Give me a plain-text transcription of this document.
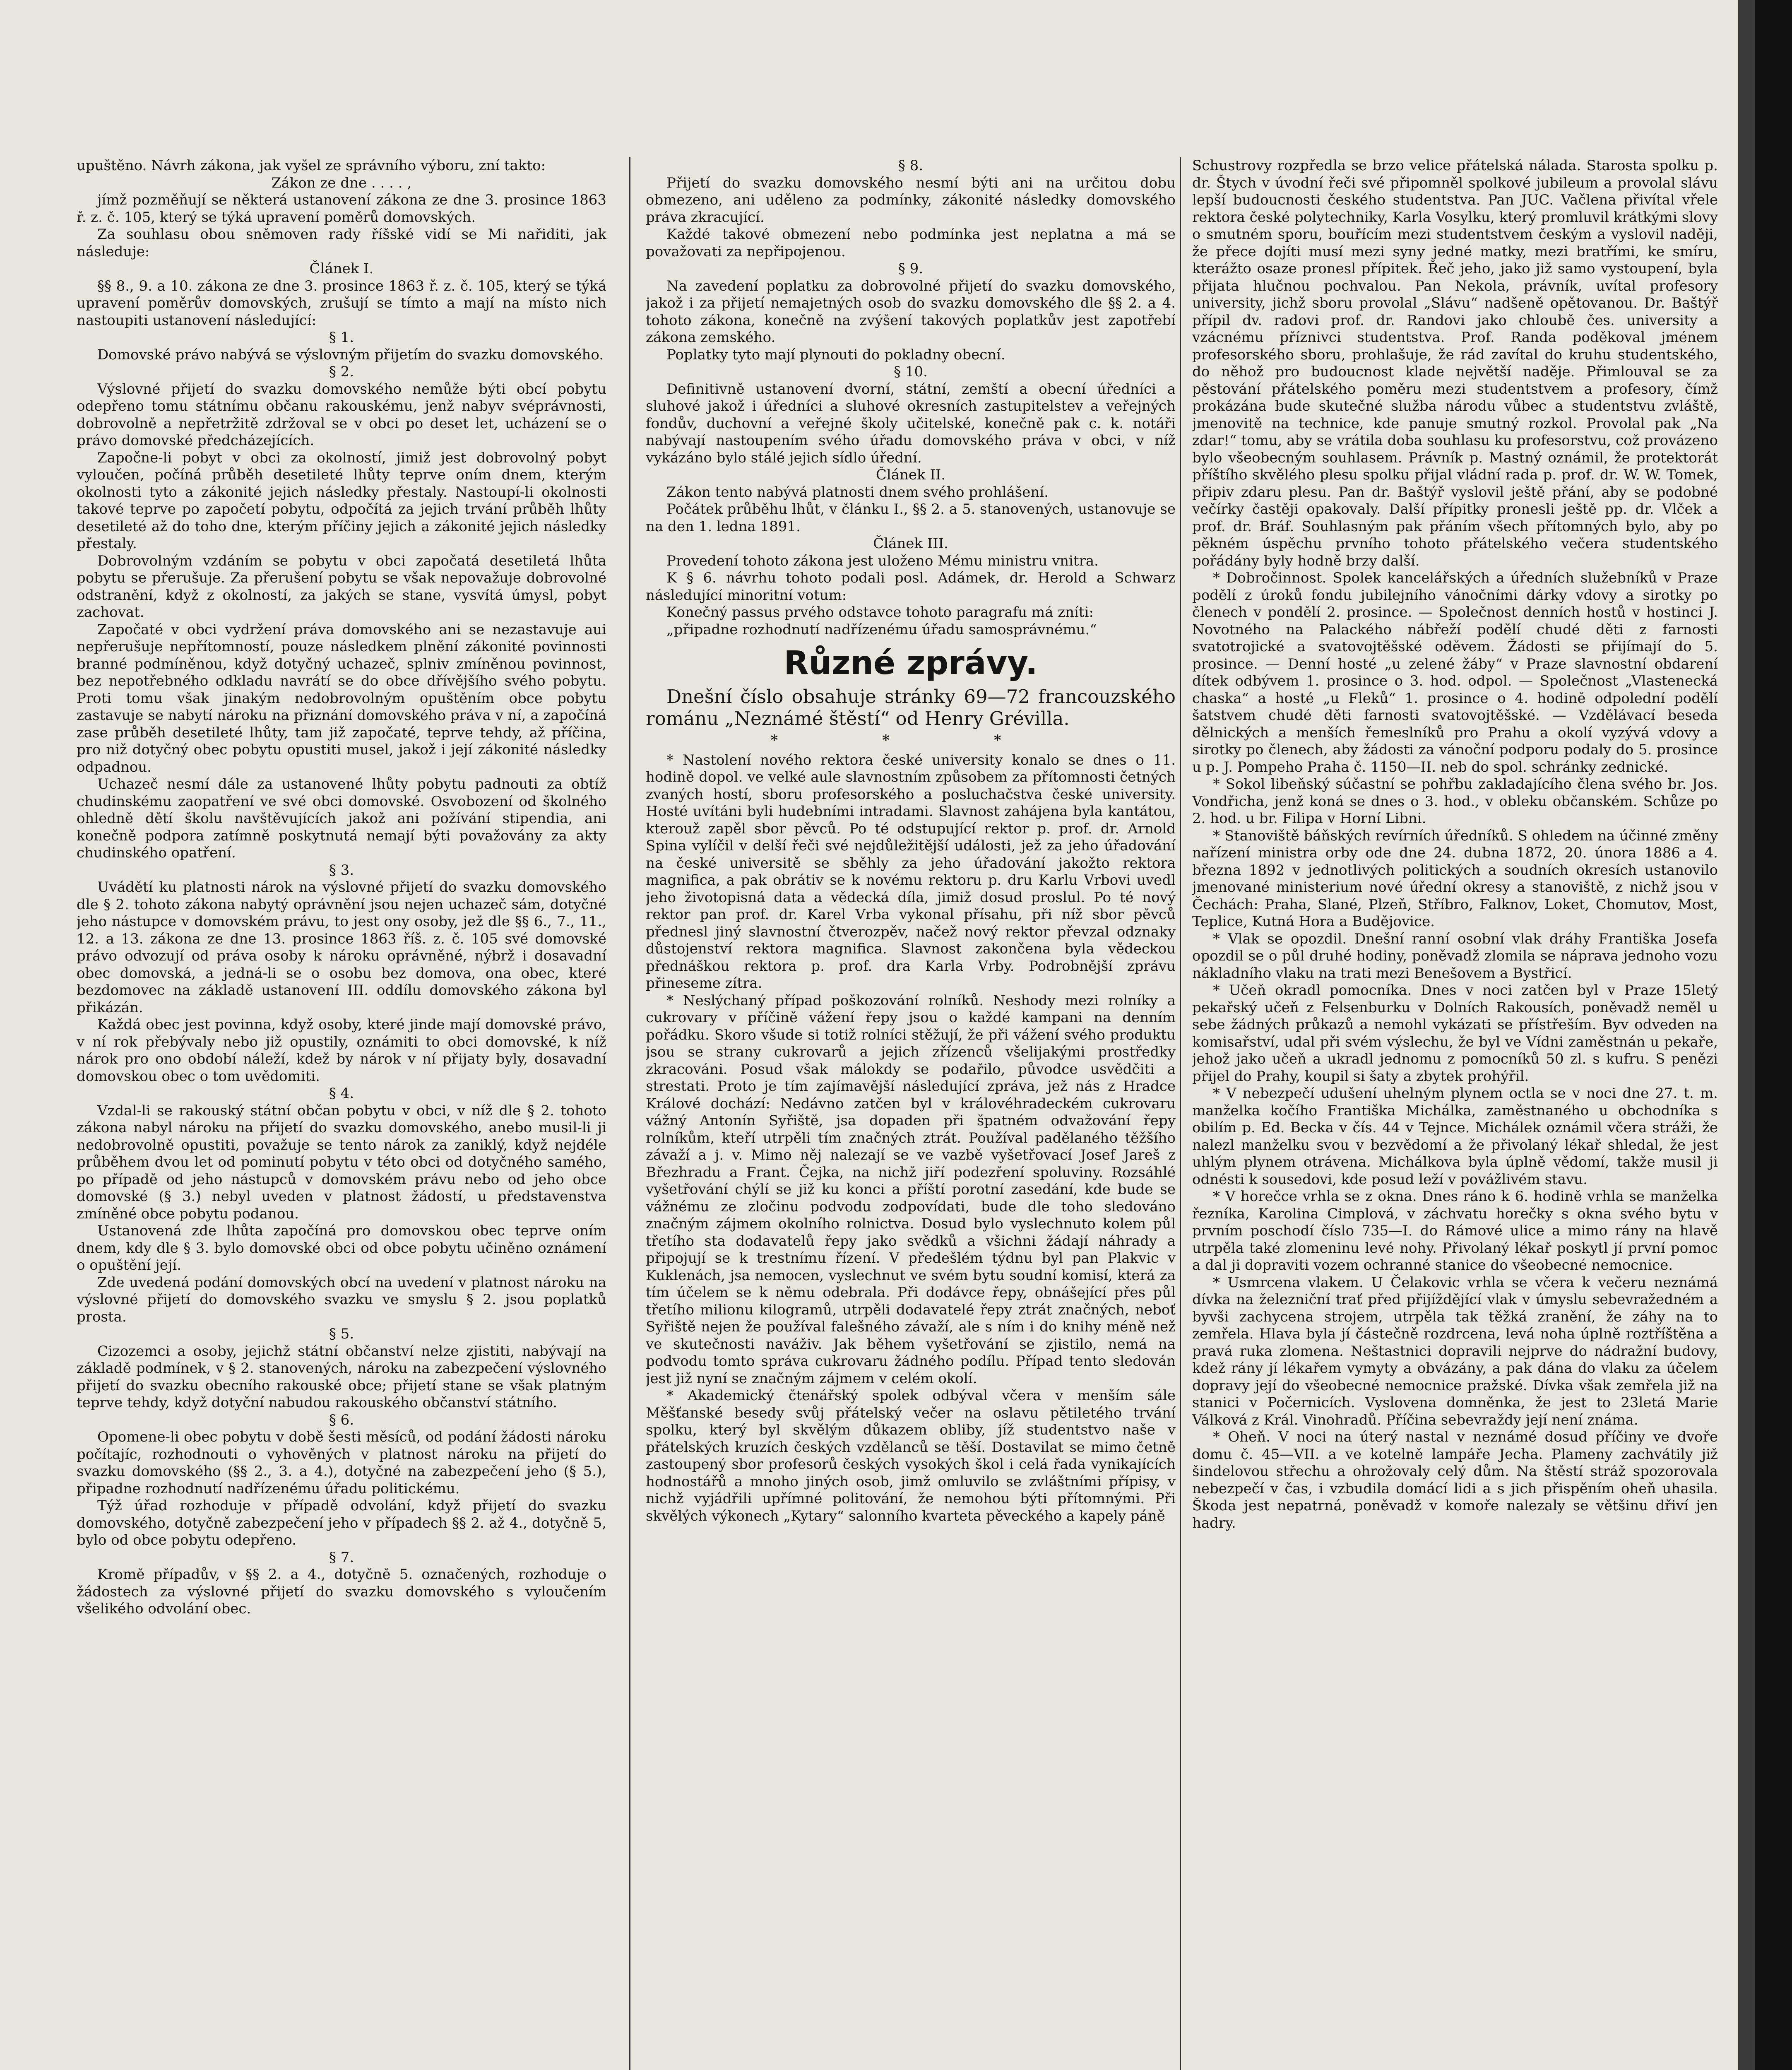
upuštěno. Návrh zákona, jak vyšel ze správního výboru, zní takto:

Zákon ze dne . . . . ,

jímž pozměňují se některá ustanovení zákona ze dne 3. prosince 1863 ř. z. č. 105, který se týká upravení poměrů domovských.

Za souhlasu obou sněmoven rady říšské vidí se Mi nařiditi, jak následuje:

Článek I.

§§ 8., 9. a 10. zákona ze dne 3. prosince 1863 ř. z. č. 105, který se týká upravení poměrův domovských, zrušují se tímto a mají na místo nich nastoupiti ustanovení následující:

§ 1.

Domovské právo nabývá se výslovným přijetím do svazku domovského.

§ 2.

Výslovné přijetí do svazku domovského nemůže býti obcí pobytu odepřeno tomu státnímu občanu rakouskému, jenž nabyv svéprávnosti, dobrovolně a nepřetržitě zdržoval se v obci po deset let, ucházení se o právo domovské předcházejících.

Započne-li pobyt v obci za okolností, jimiž jest dobrovolný pobyt vyloučen, počíná průběh desetileté lhůty teprve oním dnem, kterým okolnosti tyto a zákonité jejich následky přestaly. Nastoupí-li okolnosti takové teprve po započetí pobytu, odpočítá za jejich trvání průběh lhůty desetileté až do toho dne, kterým příčiny jejich a zákonité jejich následky přestaly.

Dobrovolným vzdáním se pobytu v obci započatá desetiletá lhůta pobytu se přerušuje. Za přerušení pobytu se však nepovažuje dobrovolné odstranění, když z okolností, za jakých se stane, vysvítá úmysl, pobyt zachovat.

Započaté v obci vydržení práva domovského ani se nezastavuje aui nepřerušuje nepřítomností, pouze následkem plnění zákonité povinnosti branné podmíněnou, když dotyčný uchazeč, splniv zmíněnou povinnost, bez nepotřebného odkladu navrátí se do obce dřívějšího svého pobytu. Proti tomu však jinakým nedobrovolným opuštěním obce pobytu zastavuje se nabytí nároku na přiznání domovského práva v ní, a započíná zase průběh desetileté lhůty, tam již započaté, teprve tehdy, až příčina, pro niž dotyčný obec pobytu opustiti musel, jakož i její zákonité následky odpadnou.

Uchazeč nesmí dále za ustanovené lhůty pobytu padnouti za obtíž chudinskému zaopatření ve své obci domovské. Osvobození od školného ohledně dětí školu navštěvujících jakož ani požívání stipendia, ani konečně podpora zatímně poskytnutá nemají býti považovány za akty chudinského opatření.

§ 3.

Uvádětí ku platnosti nárok na výslovné přijetí do svazku domovského dle § 2. tohoto zákona nabytý oprávnění jsou nejen uchazeč sám, dotyčné jeho nástupce v domovském právu, to jest ony osoby, jež dle §§ 6., 7., 11., 12. a 13. zákona ze dne 13. prosince 1863 říš. z. č. 105 své domovské právo odvozují od práva osoby k nároku oprávněné, nýbrž i dosavadní obec domovská, a jedná-li se o osobu bez domova, ona obec, které bezdomovec na základě ustanovení III. oddílu domovského zákona byl přikázán.

Každá obec jest povinna, když osoby, které jinde mají domovské právo, v ní rok přebývaly nebo již opustily, oznámiti to obci domovské, k níž nárok pro ono období náleží, kdež by nárok v ní přijaty byly, dosavadní domovskou obec o tom uvědomiti.

§ 4.

Vzdal-li se rakouský státní občan pobytu v obci, v níž dle § 2. tohoto zákona nabyl nároku na přijetí do svazku domovského, anebo musil-li ji nedobrovolně opustiti, považuje se tento nárok za zaniklý, když nejdéle průběhem dvou let od pominutí pobytu v této obci od dotyčného samého, po případě od jeho nástupců v domovském právu nebo od jeho obce domovské (§ 3.) nebyl uveden v platnost žádostí, u představenstva zmíněné obce pobytu podanou.

Ustanovená zde lhůta započíná pro domovskou obec teprve oním dnem, kdy dle § 3. bylo domovské obci od obce pobytu učiněno oznámení o opuštění její.

Zde uvedená podání domovských obcí na uvedení v platnost nároku na výslovné přijetí do domovského svazku ve smyslu § 2. jsou poplatků prosta.

§ 5.

Cizozemci a osoby, jejichž státní občanství nelze zjistiti, nabývají na základě podmínek, v § 2. stanovených, nároku na zabezpečení výslovného přijetí do svazku obecního rakouské obce; přijetí stane se však platným teprve tehdy, když dotyční nabudou rakouského občanství státního.

§ 6.

Opomene-li obec pobytu v době šesti měsíců, od podání žádosti nároku počítajíc, rozhodnouti o vyhověných v platnost nároku na přijetí do svazku domovského (§§ 2., 3. a 4.), dotyčné na zabezpečení jeho (§ 5.), připadne rozhodnutí nadřízenému úřadu politickému.

Týž úřad rozhoduje v případě odvolání, když přijetí do svazku domovského, dotyčně zabezpečení jeho v případech §§ 2. až 4., dotyčně 5, bylo od obce pobytu odepřeno.

§ 7.

Kromě případův, v §§ 2. a 4., dotyčně 5. označených, rozhoduje o žádostech za výslovné přijetí do svazku domovského s vyloučením všelikého odvolání obec.

§ 8.

Přijetí do svazku domovského nesmí býti ani na určitou dobu obmezeno, ani uděleno za podmínky, zákonité následky domovského práva zkracující.

Každé takové obmezení nebo podmínka jest neplatna a má se považovati za nepřipojenou.

§ 9.

Na zavedení poplatku za dobrovolné přijetí do svazku domovského, jakož i za přijetí nemajetných osob do svazku domovského dle §§ 2. a 4. tohoto zákona, konečně na zvýšení takových poplatkův jest zapotřebí zákona zemského.

Poplatky tyto mají plynouti do pokladny obecní.

§ 10.

Definitivně ustanovení dvorní, státní, zemští a obecní úředníci a sluhové jakož i úředníci a sluhové okresních zastupitelstev a veřejných fondův, duchovní a veřejné školy učitelské, konečně pak c. k. notáři nabývají nastoupením svého úřadu domovského práva v obci, v níž vykázáno bylo stálé jejich sídlo úřední.

Článek II.

Zákon tento nabývá platnosti dnem svého prohlášení.

Počátek průběhu lhůt, v článku I., §§ 2. a 5. stanovených, ustanovuje se na den 1. ledna 1891.

Článek III.

Provedení tohoto zákona jest uloženo Mému ministru vnitra.

K § 6. návrhu tohoto podali posl. Adámek, dr. Herold a Schwarz následující minoritní votum:

Konečný passus prvého odstavce tohoto paragrafu má zníti:

„připadne rozhodnutí nadřízenému úřadu samosprávnému.“

Různé zprávy.

Dnešní číslo obsahuje stránky 69—72 francouzského románu „Neznámé štěstí“ od Henry Grévilla.

* * *

* Nastolení nového rektora české university konalo se dnes o 11. hodině dopol. ve velké aule slavnostním způsobem za přítomnosti četných zvaných hostí, sboru profesorského a posluchačstva české university. Hosté uvítáni byli hudebními intradami. Slavnost zahájena byla kantátou, kterouž zapěl sbor pěvců. Po té odstupující rektor p. prof. dr. Arnold Spina vylíčil v delší řeči své nejdůležitější události, jež za jeho úřadování na české universitě se sběhly za jeho úřadování jakožto rektora magnifica, a pak obrátiv se k novému rektoru p. dru Karlu Vrbovi uvedl jeho životopisná data a vědecká díla, jimiž dosud proslul. Po té nový rektor pan prof. dr. Karel Vrba vykonal přísahu, při níž sbor pěvců přednesl jiný slavnostní čtverozpěv, načež nový rektor převzal odznaky důstojenství rektora magnifica. Slavnost zakončena byla vědeckou přednáškou rektora p. prof. dra Karla Vrby. Podrobnější zprávu přineseme zítra.

* Neslýchaný případ poškozování rolníků. Neshody mezi rolníky a cukrovary v příčině vážení řepy jsou o každé kampani na denním pořádku. Skoro všude si totiž rolníci stěžují, že při vážení svého produktu jsou se strany cukrovarů a jejich zřízenců všelijakými prostředky zkracováni. Posud však málokdy se podařilo, původce usvědčiti a strestati. Proto je tím zajímavější následující zpráva, jež nás z Hradce Králové dochází: Nedávno zatčen byl v královéhradeckém cukrovaru vážný Antonín Syřiště, jsa dopaden při špatném odvažování řepy rolníkům, kteří utrpěli tím značných ztrát. Používal padělaného těžšího závaží a j. v. Mimo něj nalezají se ve vazbě vyšetřovací Josef Jareš z Březhradu a Frant. Čejka, na nichž jiří podezření spoluviny. Rozsáhlé vyšetřování chýlí se již ku konci a příští porotní zasedání, kde bude se vážnému ze zločinu podvodu zodpovídati, bude dle toho sledováno značným zájmem okolního rolnictva. Dosud bylo vyslechnuto kolem půl třetího sta dodavatelů řepy jako svědků a všichni žádají náhrady a připojují se k trestnímu řízení. V předešlém týdnu byl pan Plakvic v Kuklenách, jsa nemocen, vyslechnut ve svém bytu soudní komisí, která za tím účelem se k němu odebrala. Při dodávce řepy, obnášející přes půl třetího milionu kilogramů, utrpěli dodavatelé řepy ztrát značných, neboť Syřiště nejen že používal falešného závaží, ale s ním i do knihy méně než ve skutečnosti naváživ. Jak během vyšetřování se zjistilo, nemá na podvodu tomto správa cukrovaru žádného podílu. Případ tento sledován jest již nyní se značným zájmem v celém okolí.

* Akademický čtenářský spolek odbýval včera v menším sále Měšťanské besedy svůj přátelský večer na oslavu pětiletého trvání spolku, který byl skvělým důkazem obliby, jíž studentstvo naše v přátelských kruzích českých vzdělanců se těší. Dostavilat se mimo četně zastoupený sbor profesorů českých vysokých škol i celá řada vynikajících hodnostářů a mnoho jiných osob, jimž omluvilo se zvláštními přípisy, v nichž vyjádřili upřímné politování, že nemohou býti přítomnými. Při skvělých výkonech „Kytary“ salonního kvarteta pěveckého a kapely páně

Schustrovy rozpředla se brzo velice přátelská nálada. Starosta spolku p. dr. Štych v úvodní řeči své připomněl spolkové jubileum a provolal slávu lepší budoucnosti českého studentstva. Pan JUC. Vačlena přivítal vřele rektora české polytechniky, Karla Vosylku, který promluvil krátkými slovy o smutném sporu, bouřícím mezi studentstvem českým a vyslovil naději, že přece dojíti musí mezi syny jedné matky, mezi bratřími, ke smíru, kterážto osaze pronesl přípitek. Řeč jeho, jako již samo vystoupení, byla přijata hlučnou pochvalou. Pan Nekola, právník, uvítal profesory university, jichž sboru provolal „Slávu“ nadšeně opětovanou. Dr. Baštýř přípil dv. radovi prof. dr. Randovi jako chloubě čes. university a vzácnému příznivci studentstva. Prof. Randa poděkoval jménem profesorského sboru, prohlašuje, že rád zavítal do kruhu studentského, do něhož pro budoucnost klade největší naděje. Přimlouval se za pěstování přátelského poměru mezi studentstvem a profesory, čímž prokázána bude skutečné služba národu vůbec a studentstvu zvláště, jmenovitě na technice, kde panuje smutný rozkol. Provolal pak „Na zdar!“ tomu, aby se vrátila doba souhlasu ku profesorstvu, což provázeno bylo všeobecným souhlasem. Právník p. Mastný oznámil, že protektorát příštího skvělého plesu spolku přijal vládní rada p. prof. dr. W. W. Tomek, připiv zdaru plesu. Pan dr. Baštýř vyslovil ještě přání, aby se podobné večírky častěji opakovaly. Další přípitky pronesli ještě pp. dr. Vlček a prof. dr. Bráf. Souhlasným pak přáním všech přítomných bylo, aby po pěkném úspěchu prvního tohoto přátelského večera studentského pořádány byly hodně brzy další.

* Dobročinnost. Spolek kancelářských a úředních služebníků v Praze podělí z úroků fondu jubilejního vánočními dárky vdovy a sirotky po členech v pondělí 2. prosince. — Společnost denních hostů v hostinci J. Novotného na Palackého nábřeží podělí chudé děti z farnosti svatotrojické a svatovojtěšské oděvem. Žádosti se přijímají do 5. prosince. — Denní hosté „u zelené žáby“ v Praze slavnostní obdarení dítek odbývem 1. prosince o 3. hod. odpol. — Společnost „Vlastenecká chaska“ a hosté „u Fleků“ 1. prosince o 4. hodině odpolední podělí šatstvem chudé děti farnosti svatovojtěšské. — Vzdělávací beseda dělnických a menších řemeslníků pro Prahu a okolí vyzývá vdovy a sirotky po členech, aby žádosti za vánoční podporu podaly do 5. prosince u p. J. Pompeho Praha č. 1150—II. neb do spol. schránky zednické.

* Sokol libeňský súčastní se pohřbu zakladajícího člena svého br. Jos. Vondřicha, jenž koná se dnes o 3. hod., v obleku občanském. Schůze po 2. hod. u br. Filipa v Horní Libni.

* Stanoviště báňských revírních úředníků. S ohledem na účinné změny nařízení ministra orby ode dne 24. dubna 1872, 20. února 1886 a 4. března 1892 v jednotlivých politických a soudních okresích ustanovilo jmenované ministerium nové úřední okresy a stanoviště, z nichž jsou v Čechách: Praha, Slané, Plzeň, Stříbro, Falknov, Loket, Chomutov, Most, Teplice, Kutná Hora a Budějovice.

* Vlak se opozdil. Dnešní ranní osobní vlak dráhy Františka Josefa opozdil se o půl druhé hodiny, poněvadž zlomila se náprava jednoho vozu nákladního vlaku na trati mezi Benešovem a Bystřicí.

* Učeň okradl pomocníka. Dnes v noci zatčen byl v Praze 15letý pekařský učeň z Felsenburku v Dolních Rakousích, poněvadž neměl u sebe žádných průkazů a nemohl vykázati se přístřeším. Byv odveden na komisařství, udal při svém výslechu, že byl ve Vídni zaměstnán u pekaře, jehož jako učeň a ukradl jednomu z pomocníků 50 zl. s kufru. S penězi přijel do Prahy, koupil si šaty a zbytek prohýřil.

* V nebezpečí udušení uhelným plynem octla se v noci dne 27. t. m. manželka kočího Františka Michálka, zaměstnaného u obchodníka s obilím p. Ed. Becka v čís. 44 v Tejnce. Michálek oznámil včera stráži, že nalezl manželku svou v bezvědomí a že přivolaný lékař shledal, že jest uhlým plynem otrávena. Michálkova byla úplně vědomí, takže musil ji odnésti k sousedovi, kde posud leží v povážlivém stavu.

* V horečce vrhla se z okna. Dnes ráno k 6. hodině vrhla se manželka řezníka, Karolina Cimplová, v záchvatu horečky s okna svého bytu v prvním poschodí číslo 735—I. do Rámové ulice a mimo rány na hlavě utrpěla také zlomeninu levé nohy. Přivolaný lékař poskytl jí první pomoc a dal ji dopraviti vozem ochranné stanice do všeobecné nemocnice.

* Usmrcena vlakem. U Čelakovic vrhla se včera k večeru neznámá dívka na železniční trať před přijíždějící vlak v úmyslu sebevražedném a byvši zachycena strojem, utrpěla tak těžká zranění, že záhy na to zemřela. Hlava byla jí částečně rozdrcena, levá noha úplně roztříštěna a pravá ruka zlomena. Neštastnici dopravili nejprve do nádražní budovy, kdež rány jí lékařem vymyty a obvázány, a pak dána do vlaku za účelem dopravy její do všeobecné nemocnice pražské. Dívka však zemřela již na stanici v Počernicích. Vyslovena domněnka, že jest to 23letá Marie Válková z Král. Vinohradů. Příčina sebevraždy její není známa.

* Oheň. V noci na úterý nastal v neznámé dosud příčiny ve dvoře domu č. 45—VII. a ve kotelně lampáře Jecha. Plameny zachvátily již šindelovou střechu a ohrožovaly celý dům. Na štěstí stráž spozorovala nebezpečí v čas, i vzbudila domácí lidi a s jich přispěním oheň uhasila. Škoda jest nepatrná, poněvadž v komoře nalezaly se většinu dřiví jen hadry.
